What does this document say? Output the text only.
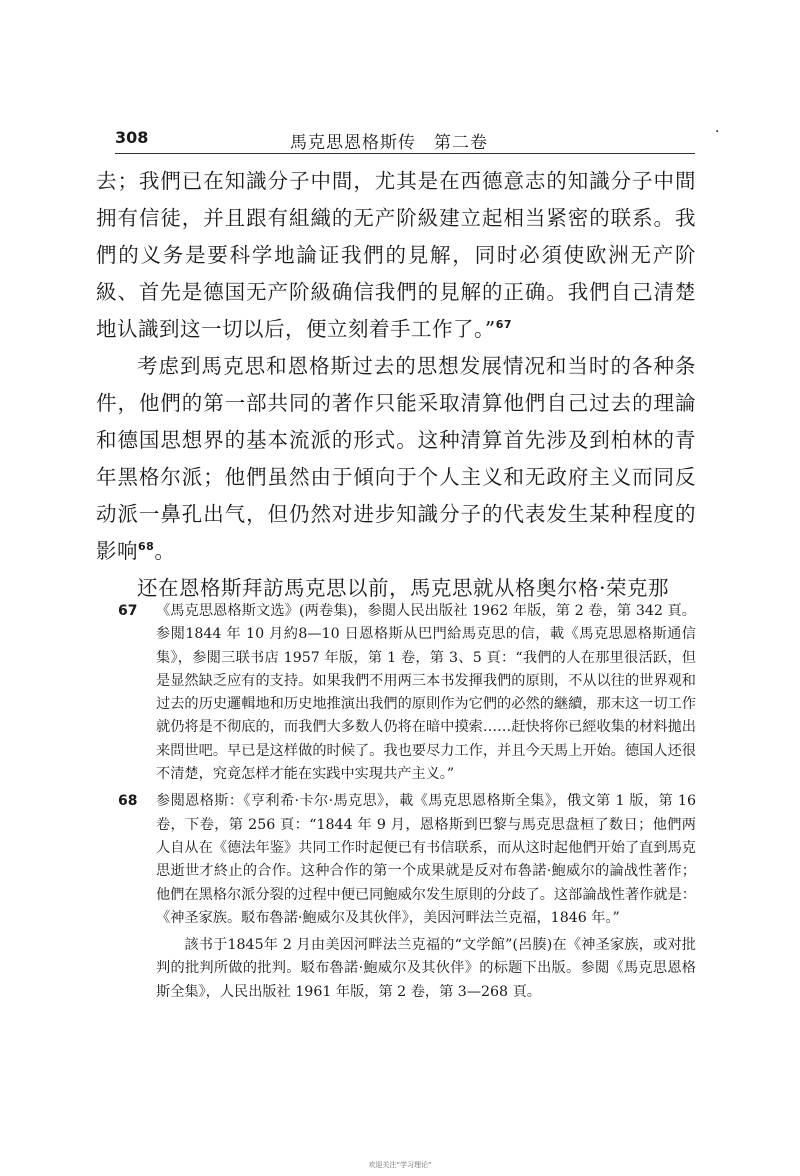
308	馬克思恩格斯传　第二卷
·

去；我們已在知識分子中間，尤其是在西德意志的知識分子中間拥有信徒，并且跟有組織的无产阶級建立起相当紧密的联系。我們的义务是要科学地論证我們的見解，同时必須使欧洲无产阶級、首先是德国无产阶級确信我們的見解的正确。我們自己清楚地认識到这一切以后，便立刻着手工作了。”$^{67}$

考虑到馬克思和恩格斯过去的思想发展情况和当时的各种条件，他們的第一部共同的著作只能采取清算他們自己过去的理論和德国思想界的基本流派的形式。这种清算首先涉及到柏林的青年黑格尔派；他們虽然由于傾向于个人主义和无政府主义而同反动派一鼻孔出气，但仍然对进步知識分子的代表发生某种程度的影响$^{68}$。

还在恩格斯拜訪馬克思以前，馬克思就从格奥尔格·荣克那

67 《馬克思恩格斯文选》(两卷集)，参閲人民出版社 1962 年版，第 2 卷，第 342 頁。参閲1844 年 10 月約8—10 日恩格斯从巴門給馬克思的信，載《馬克思恩格斯通信集》，参閲三联书店 1957 年版，第 1 卷，第 3、5 頁：“我們的人在那里很活跃，但是显然缺乏应有的支持。如果我們不用两三本书发揮我們的原則，不从以往的世界观和过去的历史邏輯地和历史地推演出我們的原則作为它們的必然的継續，那末这一切工作就仍将是不彻底的，而我們大多数人仍将在暗中摸索……赶快将你已經收集的材料拋出来問世吧。早已是这样做的时候了。我也要尽力工作，并且今天馬上开始。德国人还很不清楚，究竟怎样才能在实践中实現共产主义。”
68 参閲恩格斯：《亨利希·卡尔·馬克思》，載《馬克思恩格斯全集》，俄文第 1 版，第 16 卷，下卷，第 256 頁：“1844 年 9 月，恩格斯到巴黎与馬克思盘桓了数日；他們两人自从在《德法年鉴》共同工作时起便已有书信联系，而从这时起他們开始了直到馬克思逝世才終止的合作。这种合作的第一个成果就是反对布魯諾·鮑威尔的論战性著作；他們在黑格尔派分裂的过程中便已同鮑威尔发生原則的分歧了。这部論战性著作就是：《神圣家族。駁布魯諾·鮑威尔及其伙伴》，美因河畔法兰克福，1846 年。”

該书于1845年 2 月由美因河畔法兰克福的“文学館”(呂腠)在《神圣家族，或对批判的批判所做的批判。駁布魯諾·鮑威尔及其伙伴》的标题下出版。参閲《馬克思恩格斯全集》，人民出版社 1961 年版，第 2 卷，第 3—268 頁。

欢迎关注“学习理论”
